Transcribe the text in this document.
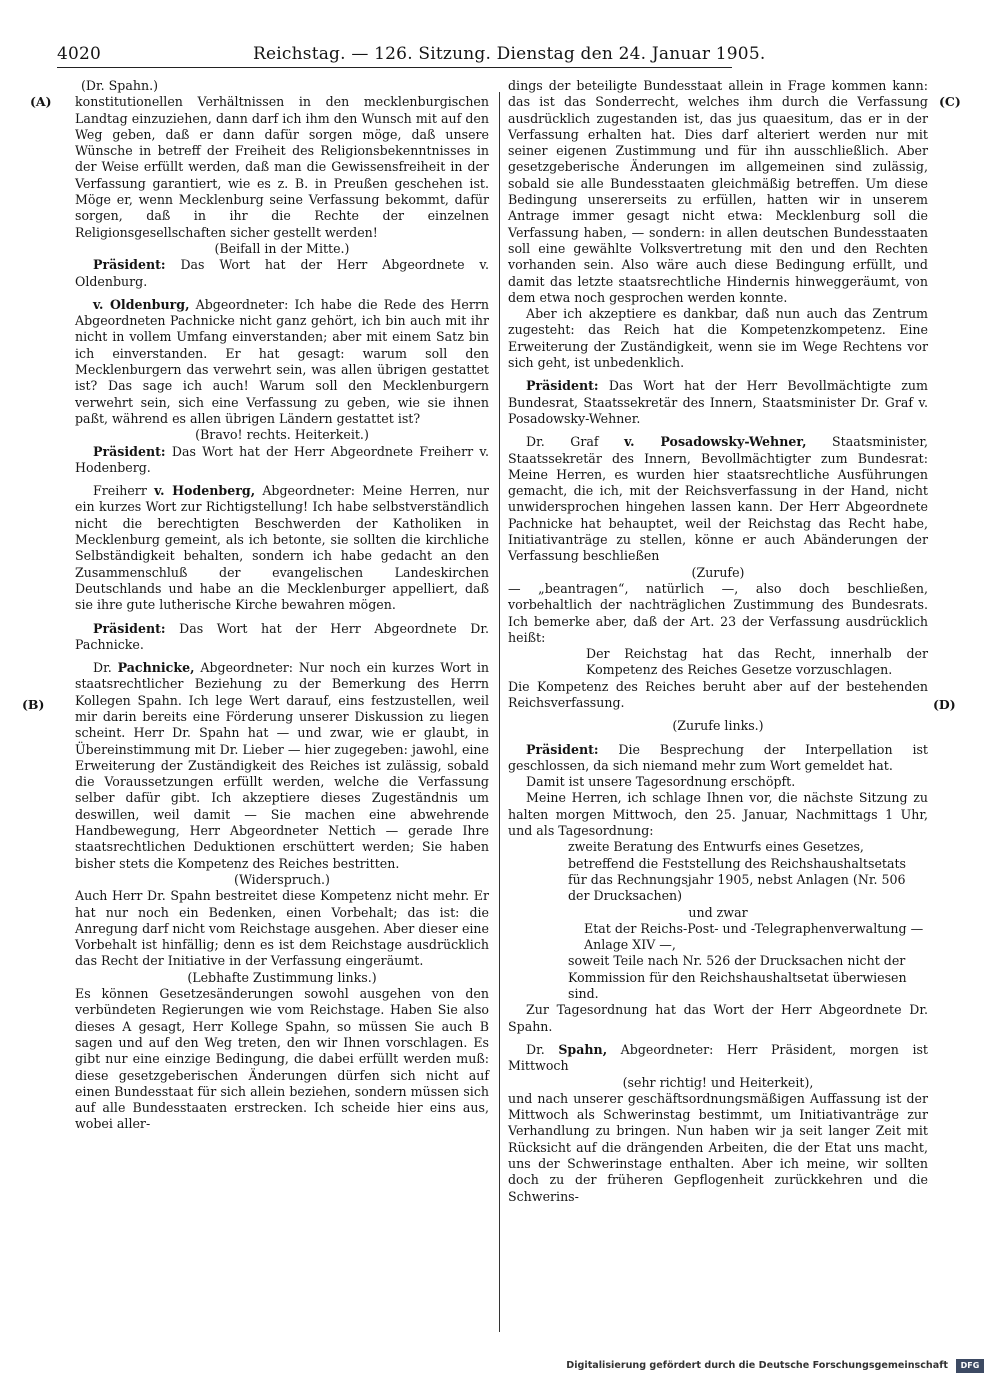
4020	Reichstag. — 126. Sitzung. Dienstag den 24. Januar 1905.
(A)
(B)
(C)
(D)

(Dr. Spahn.)

konstitutionellen Verhältnissen in den mecklenburgischen Landtag einzuziehen, dann darf ich ihm den Wunsch mit auf den Weg geben, daß er dann dafür sorgen möge, daß unsere Wünsche in betreff der Freiheit des Religionsbekenntnisses in der Weise erfüllt werden, daß man die Gewissensfreiheit in der Verfassung garantiert, wie es z. B. in Preußen geschehen ist. Möge er, wenn Mecklenburg seine Verfassung bekommt, dafür sorgen, daß in ihr die Rechte der einzelnen Religionsgesellschaften sicher gestellt werden!

(Beifall in der Mitte.)

Präsident: Das Wort hat der Herr Abgeordnete v. Oldenburg.

v. Oldenburg, Abgeordneter: Ich habe die Rede des Herrn Abgeordneten Pachnicke nicht ganz gehört, ich bin auch mit ihr nicht in vollem Umfang einverstanden; aber mit einem Satz bin ich einverstanden. Er hat gesagt: warum soll den Mecklenburgern das verwehrt sein, was allen übrigen gestattet ist? Das sage ich auch! Warum soll den Mecklenburgern verwehrt sein, sich eine Verfassung zu geben, wie sie ihnen paßt, während es allen übrigen Ländern gestattet ist?

(Bravo! rechts. Heiterkeit.)

Präsident: Das Wort hat der Herr Abgeordnete Freiherr v. Hodenberg.

Freiherr v. Hodenberg, Abgeordneter: Meine Herren, nur ein kurzes Wort zur Richtigstellung! Ich habe selbstverständlich nicht die berechtigten Beschwerden der Katholiken in Mecklenburg gemeint, als ich betonte, sie sollten die kirchliche Selbständigkeit behalten, sondern ich habe gedacht an den Zusammenschluß der evangelischen Landeskirchen Deutschlands und habe an die Mecklenburger appelliert, daß sie ihre gute lutherische Kirche bewahren mögen.

Präsident: Das Wort hat der Herr Abgeordnete Dr. Pachnicke.

Dr. Pachnicke, Abgeordneter: Nur noch ein kurzes Wort in staatsrechtlicher Beziehung zu der Bemerkung des Herrn Kollegen Spahn. Ich lege Wert darauf, eins festzustellen, weil mir darin bereits eine Förderung unserer Diskussion zu liegen scheint. Herr Dr. Spahn hat — und zwar, wie er glaubt, in Übereinstimmung mit Dr. Lieber — hier zugegeben: jawohl, eine Erweiterung der Zuständigkeit des Reiches ist zulässig, sobald die Voraussetzungen erfüllt werden, welche die Verfassung selber dafür gibt. Ich akzeptiere dieses Zugeständnis um deswillen, weil damit — Sie machen eine abwehrende Handbewegung, Herr Abgeordneter Nettich — gerade Ihre staatsrechtlichen Deduktionen erschüttert werden; Sie haben bisher stets die Kompetenz des Reiches bestritten.

(Widerspruch.)

Auch Herr Dr. Spahn bestreitet diese Kompetenz nicht mehr. Er hat nur noch ein Bedenken, einen Vorbehalt; das ist: die Anregung darf nicht vom Reichstage ausgehen. Aber dieser eine Vorbehalt ist hinfällig; denn es ist dem Reichstage ausdrücklich das Recht der Initiative in der Verfassung eingeräumt.

(Lebhafte Zustimmung links.)

Es können Gesetzesänderungen sowohl ausgehen von den verbündeten Regierungen wie vom Reichstage. Haben Sie also dieses A gesagt, Herr Kollege Spahn, so müssen Sie auch B sagen und auf den Weg treten, den wir Ihnen vorschlagen. Es gibt nur eine einzige Bedingung, die dabei erfüllt werden muß: diese gesetzgeberischen Änderungen dürfen sich nicht auf einen Bundesstaat für sich allein beziehen, sondern müssen sich auf alle Bundesstaaten erstrecken. Ich scheide hier eins aus, wobei aller-

dings der beteiligte Bundesstaat allein in Frage kommen kann: das ist das Sonderrecht, welches ihm durch die Verfassung ausdrücklich zugestanden ist, das jus quaesitum, das er in der Verfassung erhalten hat. Dies darf alteriert werden nur mit seiner eigenen Zustimmung und für ihn ausschließlich. Aber gesetzgeberische Änderungen im allgemeinen sind zulässig, sobald sie alle Bundesstaaten gleichmäßig betreffen. Um diese Bedingung unsererseits zu erfüllen, hatten wir in unserem Antrage immer gesagt nicht etwa: Mecklenburg soll die Verfassung haben, — sondern: in allen deutschen Bundesstaaten soll eine gewählte Volksvertretung mit den und den Rechten vorhanden sein. Also wäre auch diese Bedingung erfüllt, und damit das letzte staatsrechtliche Hindernis hinweggeräumt, von dem etwa noch gesprochen werden konnte.

Aber ich akzeptiere es dankbar, daß nun auch das Zentrum zugesteht: das Reich hat die Kompetenzkompetenz. Eine Erweiterung der Zuständigkeit, wenn sie im Wege Rechtens vor sich geht, ist unbedenklich.

Präsident: Das Wort hat der Herr Bevollmächtigte zum Bundesrat, Staatssekretär des Innern, Staatsminister Dr. Graf v. Posadowsky-Wehner.

Dr. Graf v. Posadowsky-Wehner, Staatsminister, Staatssekretär des Innern, Bevollmächtigter zum Bundesrat: Meine Herren, es wurden hier staatsrechtliche Ausführungen gemacht, die ich, mit der Reichsverfassung in der Hand, nicht unwidersprochen hingehen lassen kann. Der Herr Abgeordnete Pachnicke hat behauptet, weil der Reichstag das Recht habe, Initiativanträge zu stellen, könne er auch Abänderungen der Verfassung beschließen

(Zurufe)

— „beantragen“, natürlich —, also doch beschließen, vorbehaltlich der nachträglichen Zustimmung des Bundesrats. Ich bemerke aber, daß der Art. 23 der Verfassung ausdrücklich heißt:

Der Reichstag hat das Recht, innerhalb der Kompetenz des Reiches Gesetze vorzuschlagen.

Die Kompetenz des Reiches beruht aber auf der bestehenden Reichsverfassung.

(Zurufe links.)

Präsident: Die Besprechung der Interpellation ist geschlossen, da sich niemand mehr zum Wort gemeldet hat.

Damit ist unsere Tagesordnung erschöpft.

Meine Herren, ich schlage Ihnen vor, die nächste Sitzung zu halten morgen Mittwoch, den 25. Januar, Nachmittags 1 Uhr, und als Tagesordnung:

zweite Beratung des Entwurfs eines Gesetzes, betreffend die Feststellung des Reichshaushaltsetats für das Rechnungsjahr 1905, nebst Anlagen (Nr. 506 der Drucksachen)

und zwar

Etat der Reichs-Post- und -Telegraphenverwaltung — Anlage XIV —,

soweit Teile nach Nr. 526 der Drucksachen nicht der Kommission für den Reichshaushaltsetat überwiesen sind.

Zur Tagesordnung hat das Wort der Herr Abgeordnete Dr. Spahn.

Dr. Spahn, Abgeordneter: Herr Präsident, morgen ist Mittwoch

(sehr richtig! und Heiterkeit),

und nach unserer geschäftsordnungsmäßigen Auffassung ist der Mittwoch als Schwerinstag bestimmt, um Initiativanträge zur Verhandlung zu bringen. Nun haben wir ja seit langer Zeit mit Rücksicht auf die drängenden Arbeiten, die der Etat uns macht, uns der Schwerinstage enthalten. Aber ich meine, wir sollten doch zu der früheren Gepflogenheit zurückkehren und die Schwerins-

Digitalisierung gefördert durch die Deutsche Forschungsgemeinschaft	DFG
